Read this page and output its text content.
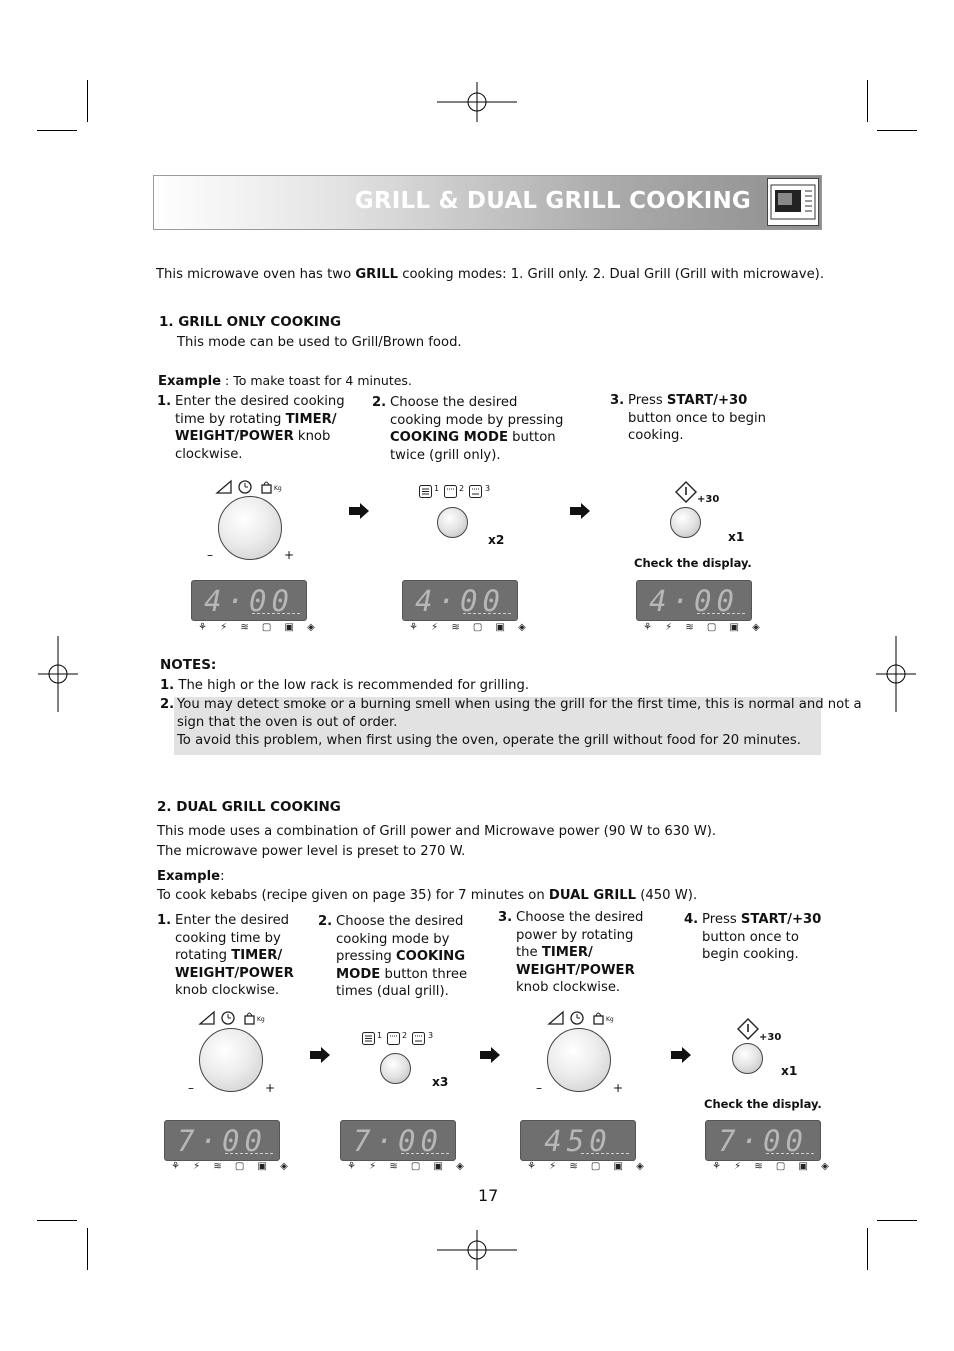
GRILL & DUAL GRILL COOKING
This microwave oven has two GRILL cooking modes: 1. Grill only. 2. Dual Grill (Grill with microwave).
1. GRILL ONLY COOKING
This mode can be used to Grill/Brown food.
Example : To make toast for 4 minutes.
1. Enter the desired cooking
time by rotating TIMER/
WEIGHT/POWER knob
clockwise.
2. Choose the desired
cooking mode by pressing
COOKING MODE button
twice (grill only).
3. Press START/+30
button once to begin
cooking.
Kg
–	+
1 2	3
x2
+30
x1
Check the display.
4·00	4·00	4·00
⚘ ⚡ ≋ ▢ ▣ ◈	⚘ ⚡ ≋ ▢ ▣ ◈	⚘ ⚡ ≋ ▢ ▣ ◈
NOTES:
1. The high or the low rack is recommended for grilling.
2. You may detect smoke or a burning smell when using the grill for the first time, this is normal and not a
sign that the oven is out of order.
To avoid this problem, when first using the oven, operate the grill without food for 20 minutes.
2. DUAL GRILL COOKING
This mode uses a combination of Grill power and Microwave power (90 W to 630 W).
The microwave power level is preset to 270 W.
Example:
To cook kebabs (recipe given on page 35) for 7 minutes on DUAL GRILL (450 W).
1. Enter the desired
cooking time by
rotating TIMER/
WEIGHT/POWER
knob clockwise.
2. Choose the desired
cooking mode by
pressing COOKING
MODE button three
times (dual grill).
3. Choose the desired
power by rotating
the TIMER/
WEIGHT/POWER
knob clockwise.
4. Press START/+30
button once to
begin cooking.
Kg
–	+
1 2	3
x3
Kg
–	+
+30
x1
Check the display.
7·00	7·00	450	7·00
⚘ ⚡ ≋ ▢ ▣ ◈	⚘ ⚡ ≋ ▢ ▣ ◈	⚘ ⚡ ≋ ▢ ▣ ◈	⚘ ⚡ ≋ ▢ ▣ ◈
17
